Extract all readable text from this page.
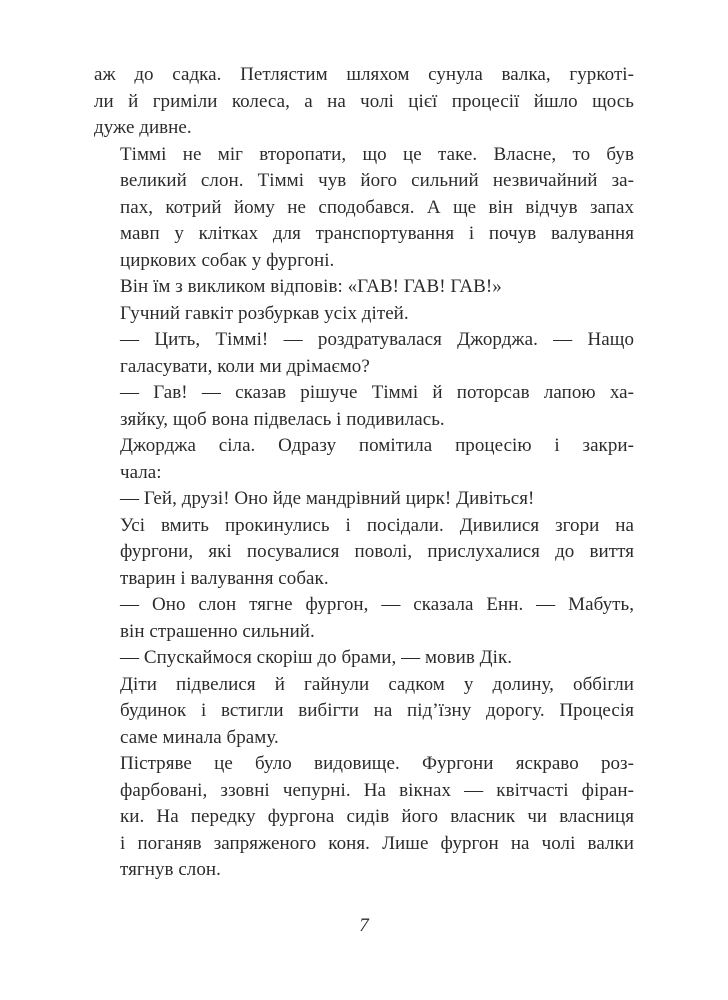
аж до садка. Петлястим шляхом сунула валка, гуркоті-
ли й гриміли колеса, а на чолі цієї процесії йшло щось
дуже дивне.
Тіммі не міг второпати, що це таке. Власне, то був
великий слон. Тіммі чув його сильний незвичайний за-
пах, котрий йому не сподобався. А ще він відчув запах
мавп у клітках для транспортування і почув валування
циркових собак у фургоні.
Він їм з викликом відповів: «ГАВ! ГАВ! ГАВ!»
Гучний гавкіт розбуркав усіх дітей.
— Цить, Тіммі! — роздратувалася Джорджа. — Нащо
галасувати, коли ми дрімаємо?
— Гав! — сказав рішуче Тіммі й поторсав лапою ха-
зяйку, щоб вона підвелась і подивилась.
Джорджа сіла. Одразу помітила процесію і закри-
чала:
— Гей, друзі! Оно йде мандрівний цирк! Дивіться!
Усі вмить прокинулись і посідали. Дивилися згори на
фургони, які посувалися поволі, прислухалися до виття
тварин і валування собак.
— Оно слон тягне фургон, — сказала Енн. — Мабуть,
він страшенно сильний.
— Спускаймося скоріш до брами, — мовив Дік.
Діти підвелися й гайнули садком у долину, оббігли
будинок і встигли вибігти на під’їзну дорогу. Процесія
саме минала браму.
Пістряве це було видовище. Фургони яскраво роз-
фарбовані, ззовні чепурні. На вікнах — квітчасті фіран-
ки. На передку фургона сидів його власник чи власниця
і поганяв запряженого коня. Лише фургон на чолі валки
тягнув слон.
7
